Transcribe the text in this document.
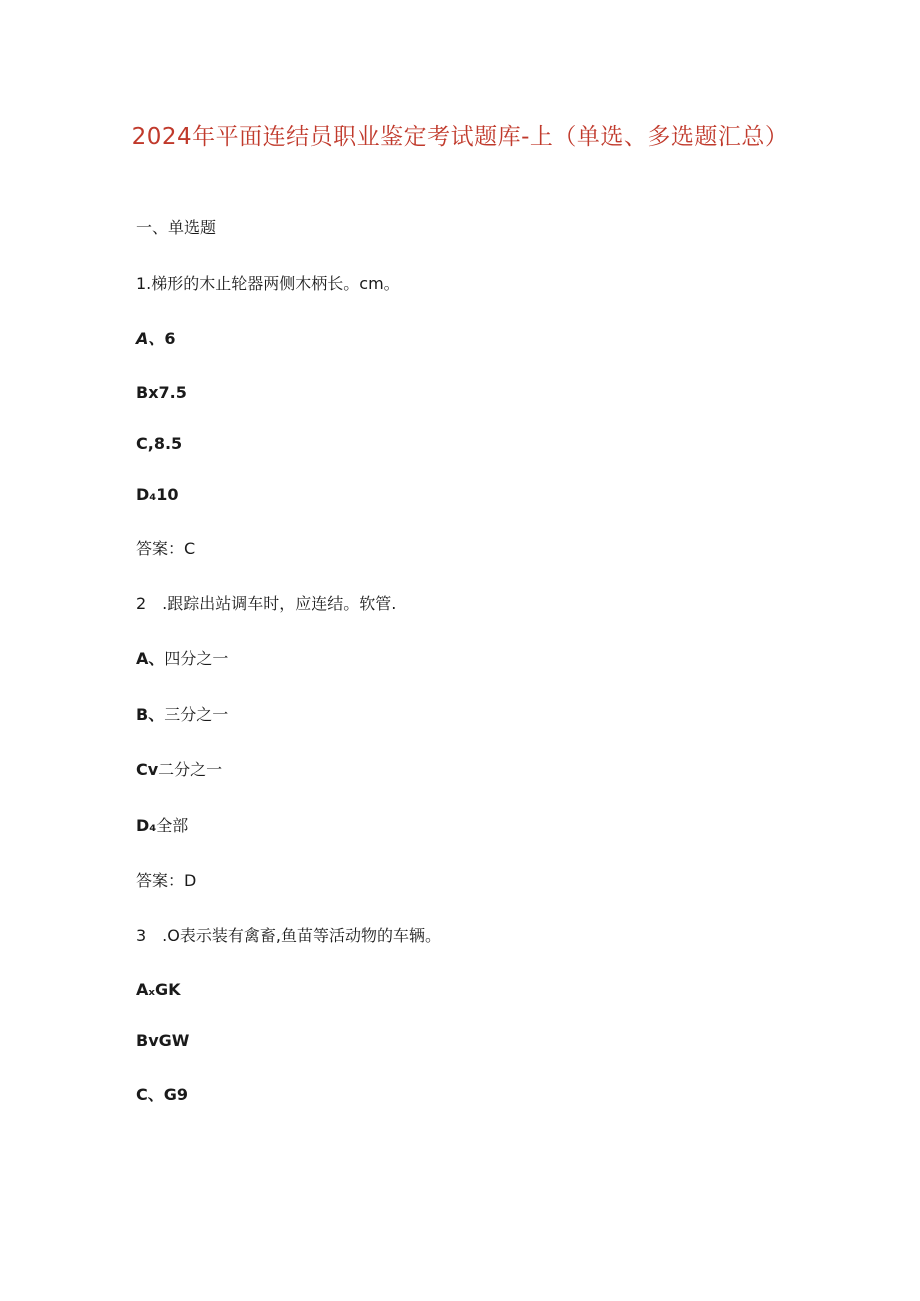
2024年平面连结员职业鉴定考试题库-上（单选、多选题汇总）
一、单选题
1.梯形的木止轮器两侧木柄长。cm。
A、6
Bx7.5
C,8.5
D₄10
答案：C
2　.跟踪出站调车时，应连结。软管.
A、四分之一
B、三分之一
Cv二分之一
D₄全部
答案：D
3　.O表示装有禽畜,鱼苗等活动物的车辆。
AₓGK
BvGW
C、G9
